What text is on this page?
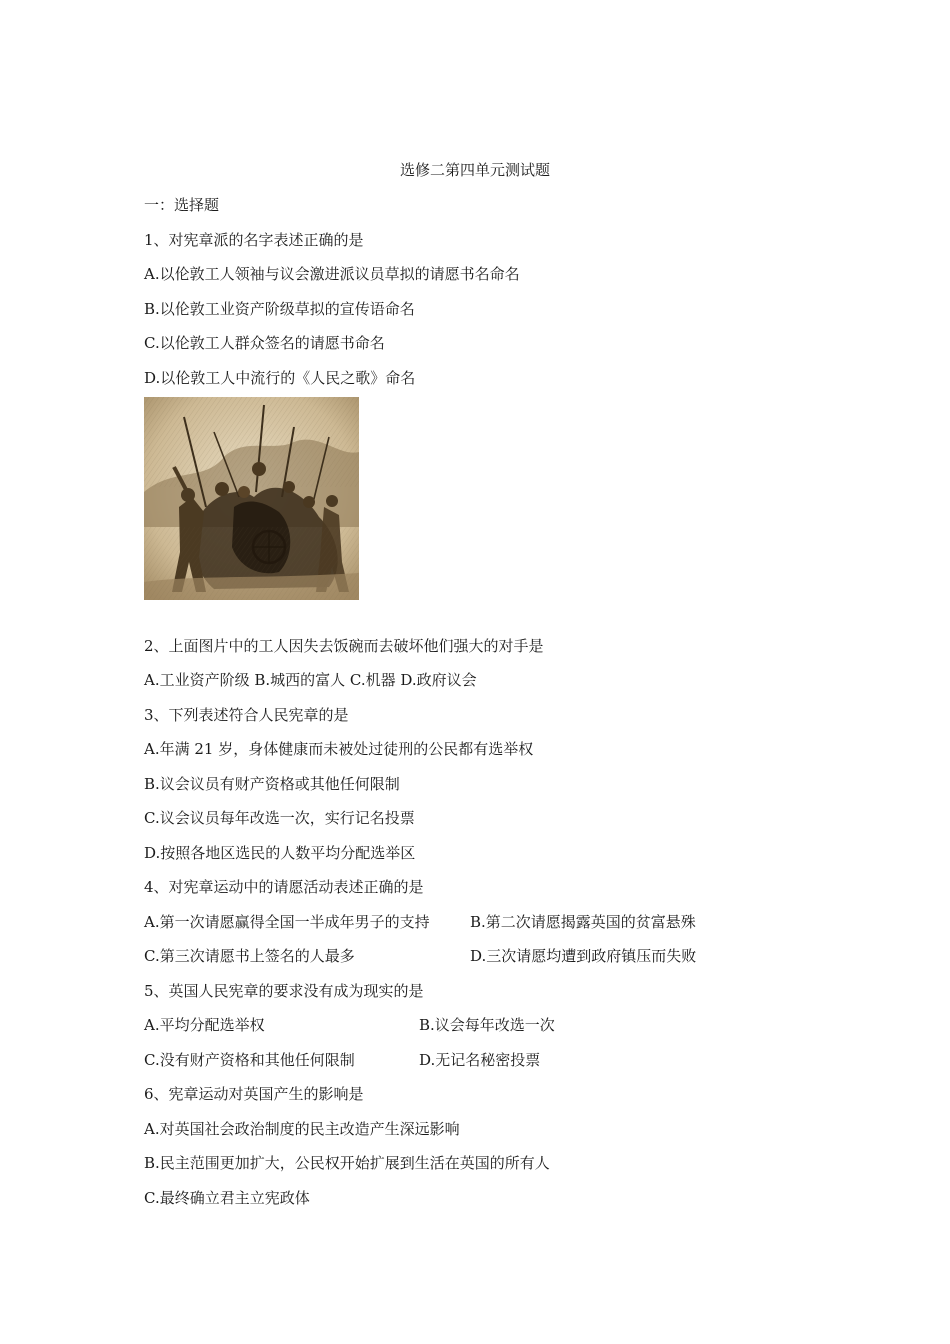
选修二第四单元测试题
一：选择题
1、对宪章派的名字表述正确的是
A.以伦敦工人领袖与议会激进派议员草拟的请愿书名命名
B.以伦敦工业资产阶级草拟的宣传语命名
C.以伦敦工人群众签名的请愿书命名
D.以伦敦工人中流行的《人民之歌》命名
2、上面图片中的工人因失去饭碗而去破坏他们强大的对手是
A.工业资产阶级 B.城西的富人 C.机器 D.政府议会
3、下列表述符合人民宪章的是
A.年满 21 岁，身体健康而未被处过徒刑的公民都有选举权
B.议会议员有财产资格或其他任何限制
C.议会议员每年改选一次，实行记名投票
D.按照各地区选民的人数平均分配选举区
4、对宪章运动中的请愿活动表述正确的是
A.第一次请愿赢得全国一半成年男子的支持	B.第二次请愿揭露英国的贫富悬殊
C.第三次请愿书上签名的人最多	D.三次请愿均遭到政府镇压而失败
5、英国人民宪章的要求没有成为现实的是
A.平均分配选举权	B.议会每年改选一次
C.没有财产资格和其他任何限制	D.无记名秘密投票
6、宪章运动对英国产生的影响是
A.对英国社会政治制度的民主改造产生深远影响
B.民主范围更加扩大，公民权开始扩展到生活在英国的所有人
C.最终确立君主立宪政体
